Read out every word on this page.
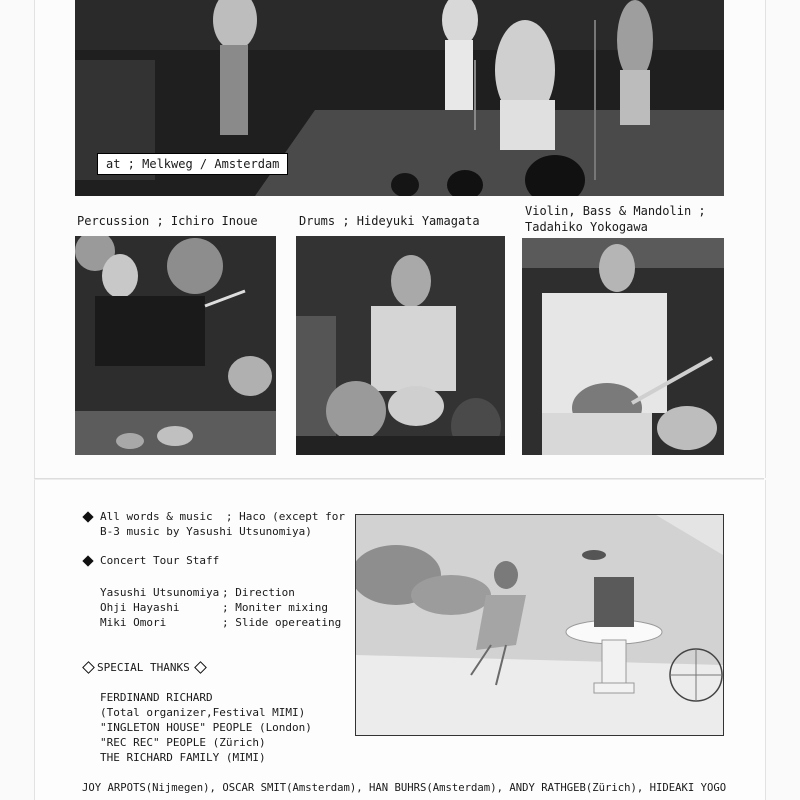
at ; Melkweg / Amsterdam
Percussion ; Ichiro Inoue	Drums ; Hideyuki Yamagata
Violin, Bass & Mandolin ;
Tadahiko Yokogawa
All words & music  ; Haco (except for
B-3 music by Yasushi Utsunomiya)
Concert Tour Staff
Yasushi Utsunomiya ; Direction
Ohji Hayashi	; Moniter mixing
Miki Omori	; Slide opereating
SPECIAL THANKS
FERDINAND RICHARD
(Total organizer,Festival MIMI)
"INGLETON HOUSE" PEOPLE (London)
"REC REC" PEOPLE (Zürich)
THE RICHARD FAMILY (MIMI)
JOY ARPOTS(Nijmegen), OSCAR SMIT(Amsterdam), HAN BUHRS(Amsterdam), ANDY RATHGEB(Zürich), HIDEAKI YOGO
